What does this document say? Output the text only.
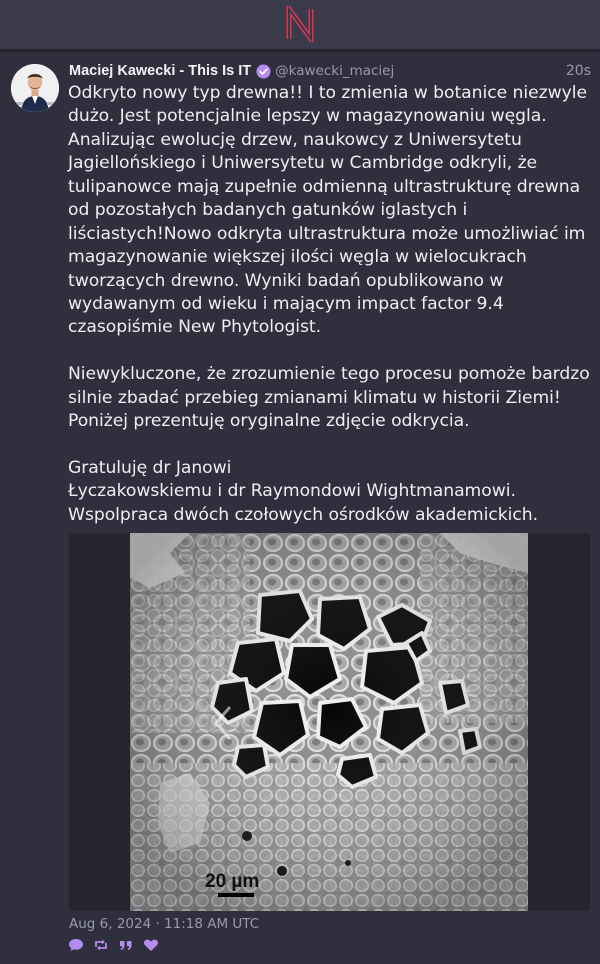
Maciej Kawecki - This Is IT @kawecki_maciej	20s
Odkryto nowy typ drewna!! I to zmienia w botanice niezwyle
dużo. Jest potencjalnie lepszy w magazynowaniu węgla.
Analizując ewolucję drzew, naukowcy z Uniwersytetu
Jagiellońskiego i Uniwersytetu w Cambridge odkryli, że
tulipanowce mają zupełnie odmienną ultrastrukturę drewna
od pozostałych badanych gatunków iglastych i
liściastych!Nowo odkryta ultrastruktura może umożliwiać im
magazynowanie większej ilości węgla w wielocukrach
tworzących drewno. Wyniki badań opublikowano w
wydawanym od wieku i mającym impact factor 9.4
czasopiśmie New Phytologist.
Niewykluczone, że zrozumienie tego procesu pomoże bardzo
silnie zbadać przebieg zmianami klimatu w historii Ziemi!
Poniżej prezentuję oryginalne zdjęcie odkrycia.
Gratuluję dr Janowi
Łyczakowskiemu i dr Raymondowi Wightmanamowi.
Wspolpraca dwóch czołowych ośrodków akademickich.
20 µm
Aug 6, 2024 · 11:18 AM UTC
